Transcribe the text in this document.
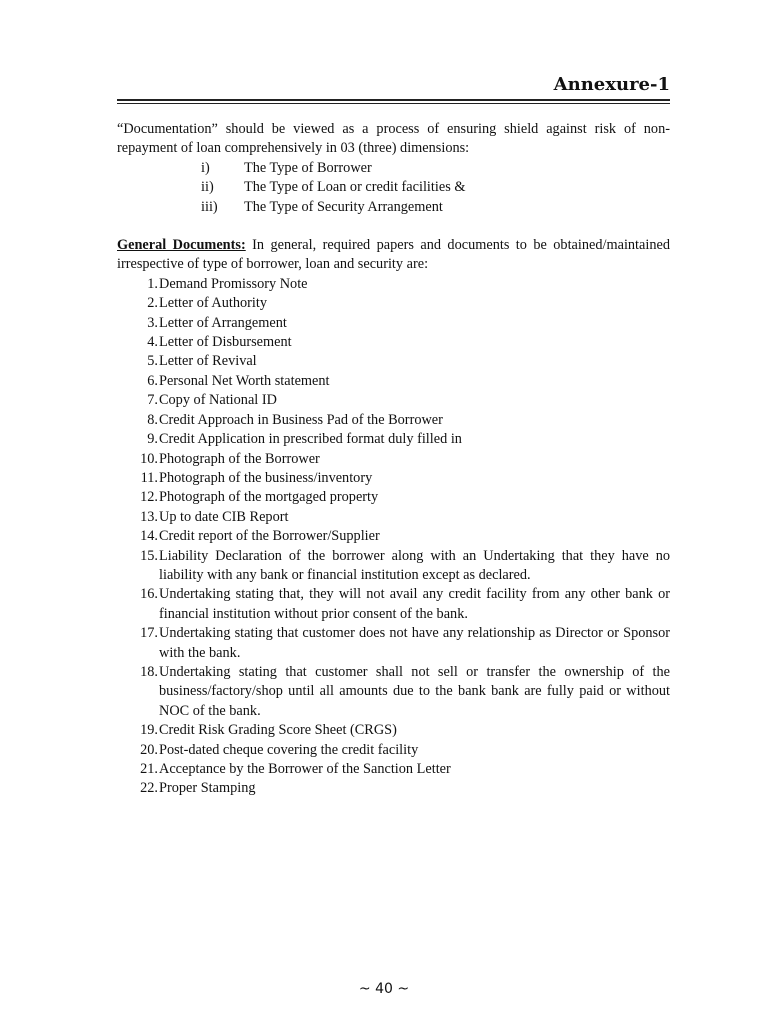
Annexure-1

“Documentation” should be viewed as a process of ensuring shield against risk of non-repayment of loan comprehensively in 03 (three) dimensions:

i)	The Type of Borrower
ii)	The Type of Loan or credit facilities &
iii)	The Type of Security Arrangement

General Documents: In general, required papers and documents to be obtained/maintained irrespective of type of borrower, loan and security are:

1. Demand Promissory Note
2. Letter of Authority
3. Letter of Arrangement
4. Letter of Disbursement
5. Letter of Revival
6. Personal Net Worth statement
7. Copy of National ID
8. Credit Approach in Business Pad of the Borrower
9. Credit Application in prescribed format duly filled in
10. Photograph of the Borrower
11. Photograph of the business/inventory
12. Photograph of the mortgaged property
13. Up to date CIB Report
14. Credit report of the Borrower/Supplier
15. Liability Declaration of the borrower along with an Undertaking that they have no liability with any bank or financial institution except as declared.
16. Undertaking stating that, they will not avail any credit facility from any other bank or financial institution without prior consent of the bank.
17. Undertaking stating that customer does not have any relationship as Director or Sponsor with the bank.
18. Undertaking stating that customer shall not sell or transfer the ownership of the business/factory/shop until all amounts due to the bank bank are fully paid or without NOC of the bank.
19. Credit Risk Grading Score Sheet (CRGS)
20. Post-dated cheque covering the credit facility
21. Acceptance by the Borrower of the Sanction Letter
22. Proper Stamping
~ 40 ~
